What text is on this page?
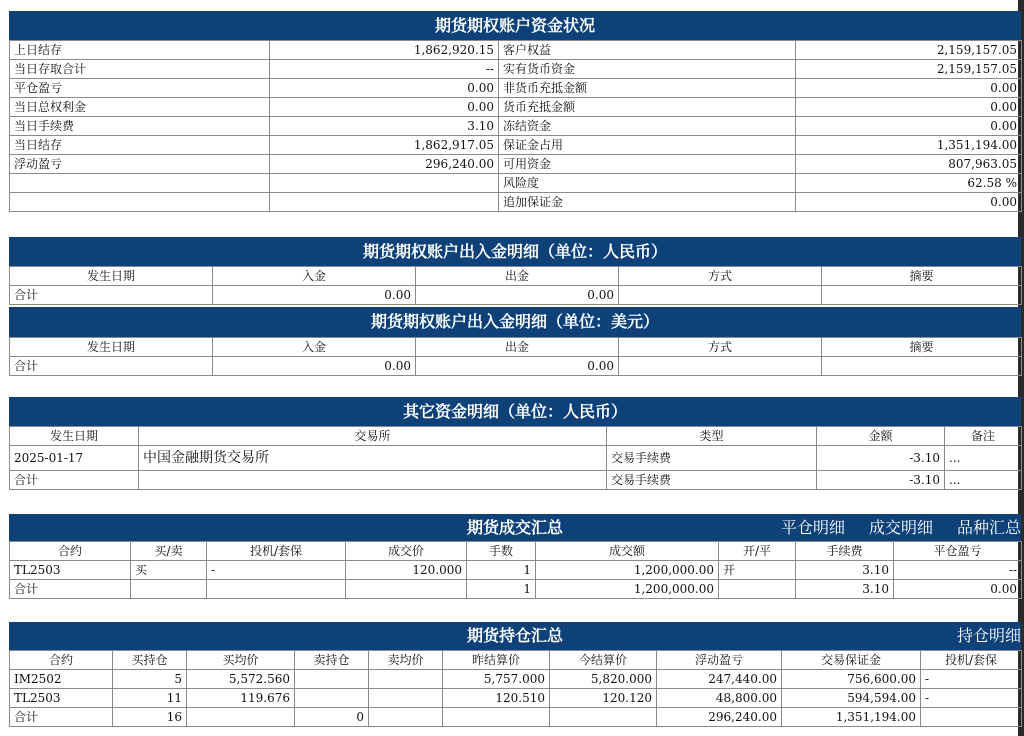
期货期权账户资金状况
上日结存	1,862,920.15	客户权益	2,159,157.05
当日存取合计	--	实有货币资金	2,159,157.05
平仓盈亏	0.00	非货币充抵金额	0.00
当日总权利金	0.00	货币充抵金额	0.00
当日手续费	3.10	冻结资金	0.00
当日结存	1,862,917.05	保证金占用	1,351,194.00
浮动盈亏	296,240.00	可用资金	807,963.05
		风险度	62.58 %
		追加保证金	0.00
期货期权账户出入金明细（单位：人民币）
发生日期	入金	出金	方式	摘要
合计	0.00	0.00		
期货期权账户出入金明细（单位：美元）
发生日期	入金	出金	方式	摘要
合计	0.00	0.00		
其它资金明细（单位：人民币）
发生日期	交易所	类型	金额	备注
2025-01-17	中国金融期货交易所	交易手续费	-3.10	...
合计		交易手续费	-3.10	...
期货成交汇总	平仓明细 成交明细 品种汇总
合约	买/卖	投机/套保	成交价	手数	成交额	开/平	手续费	平仓盈亏
TL2503	买	-	120.000	1	1,200,000.00	开	3.10	--
合计				1	1,200,000.00		3.10	0.00
期货持仓汇总	持仓明细
合约	买持仓	买均价	卖持仓	卖均价	昨结算价	今结算价	浮动盈亏	交易保证金	投机/套保
IM2502	5	5,572.560			5,757.000	5,820.000	247,440.00	756,600.00	-
TL2503	11	119.676			120.510	120.120	48,800.00	594,594.00	-
合计	16		0				296,240.00	1,351,194.00	
